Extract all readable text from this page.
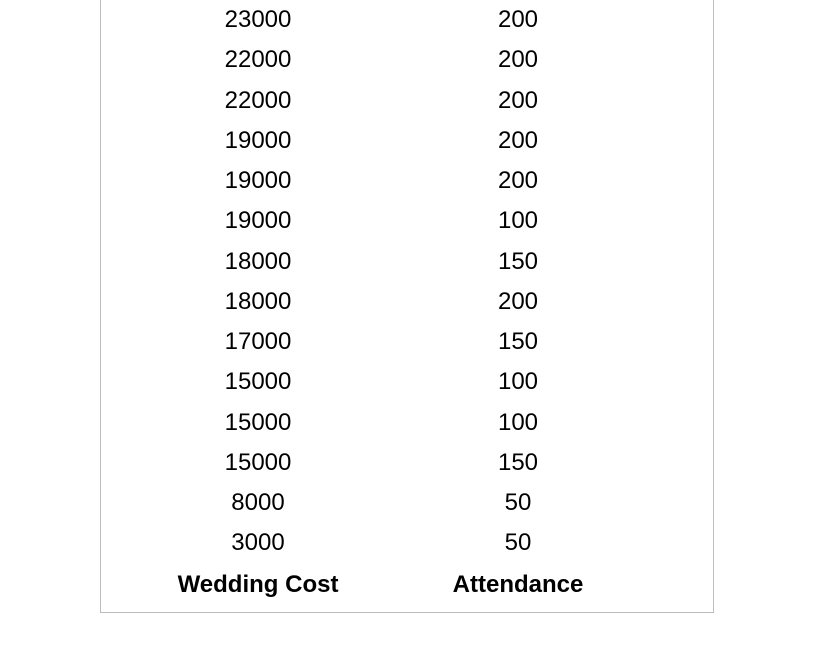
23000	200
22000	200
22000	200
19000	200
19000	200
19000	100
18000	150
18000	200
17000	150
15000	100
15000	100
15000	150
8000	50
3000	50
Wedding Cost	Attendance
